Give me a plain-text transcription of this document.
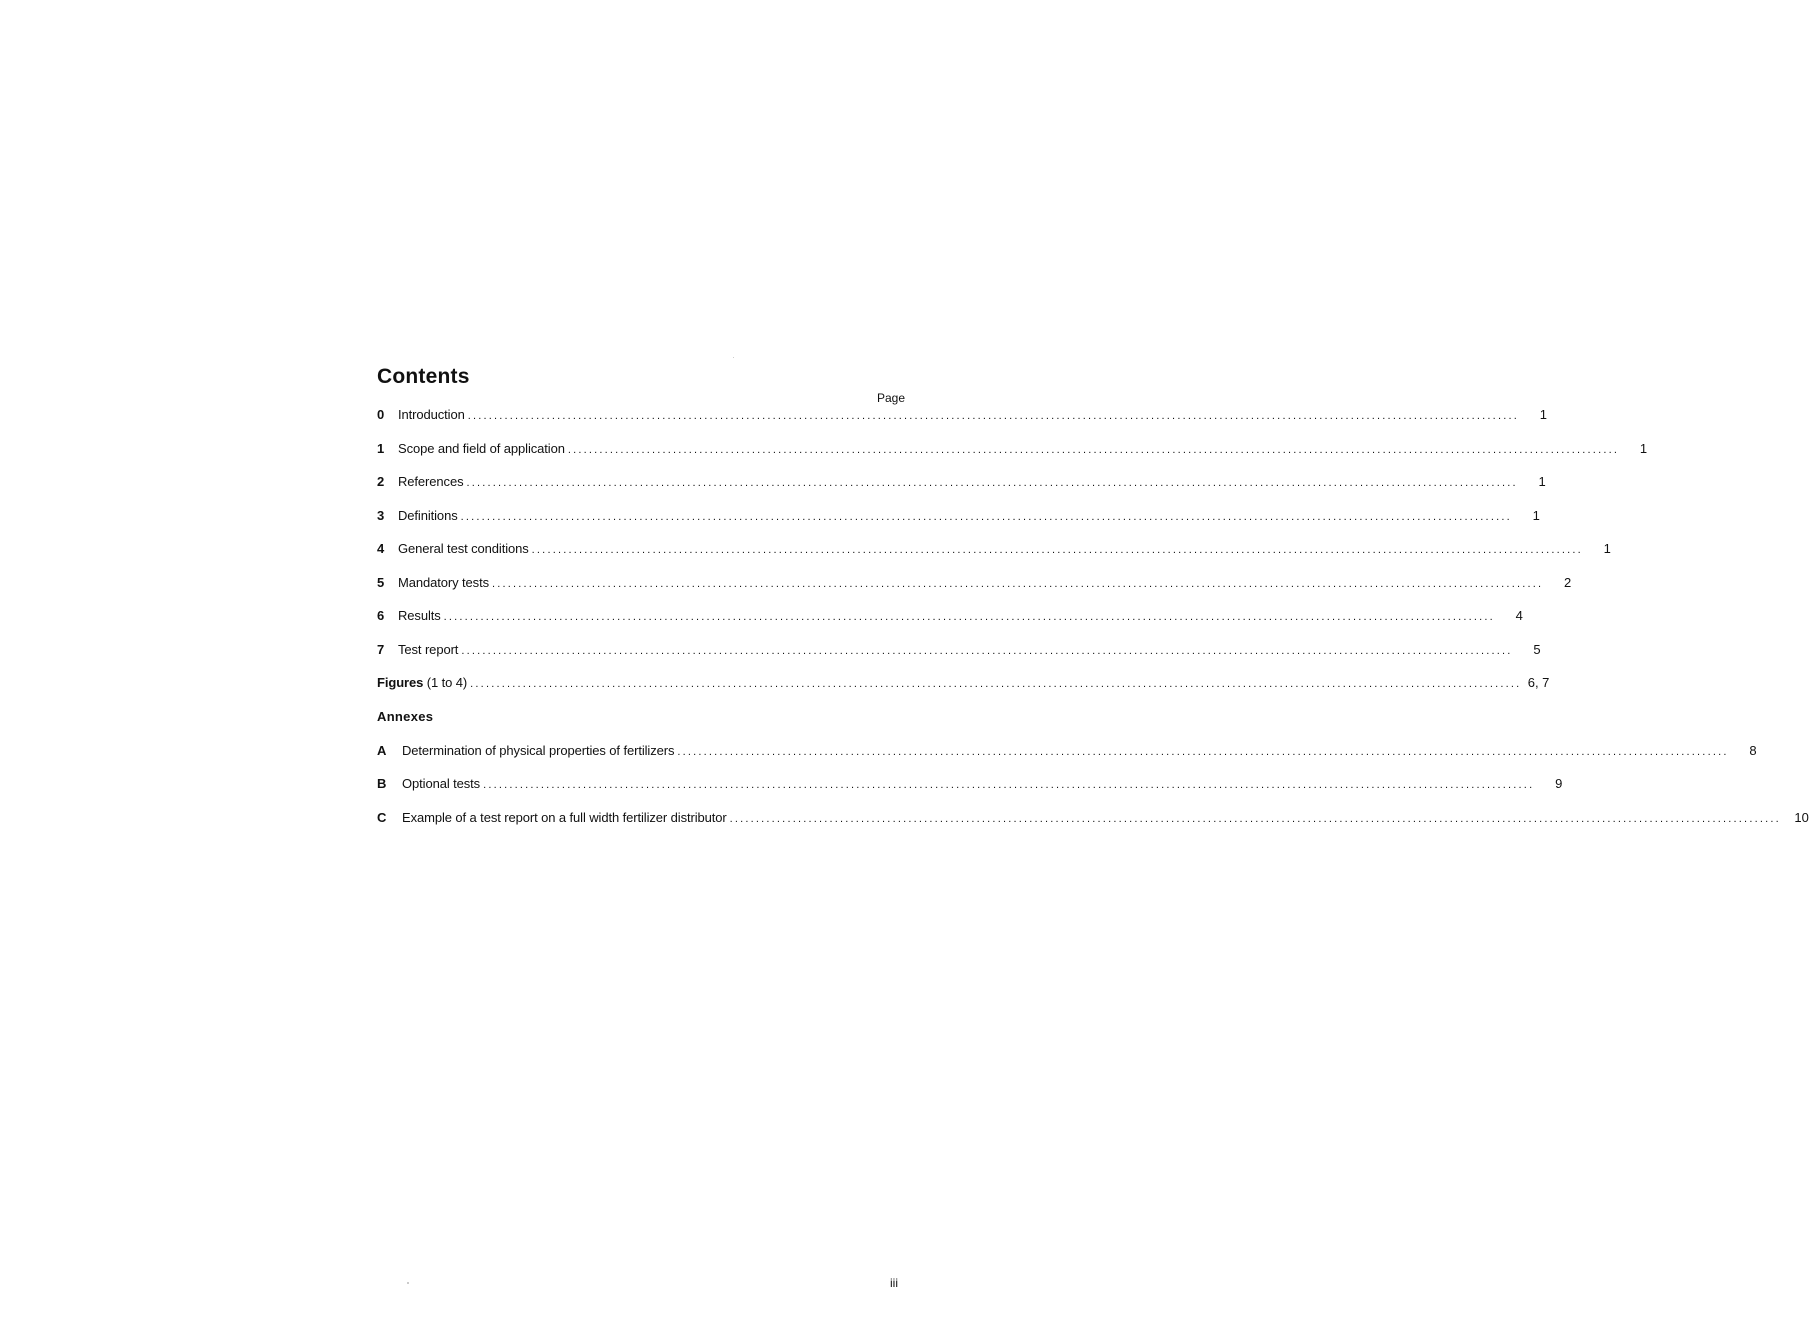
Contents
Page
0	Introduction ........................................................................................................................................................................................................	1
1	Scope and field of application ........................................................................................................................................................................................................	1
2	References ........................................................................................................................................................................................................	1
3	Definitions ........................................................................................................................................................................................................	1
4	General test conditions ........................................................................................................................................................................................................	1
5	Mandatory tests ........................................................................................................................................................................................................	2
6	Results ........................................................................................................................................................................................................	4
7	Test report ........................................................................................................................................................................................................	5
Figures (1 to 4) ........................................................................................................................................................................................................ 6, 7
Annexes
A	Determination of physical properties of fertilizers ........................................................................................................................................................................................................	8
B	Optional tests ........................................................................................................................................................................................................	9
C	Example of a test report on a full width fertilizer distributor ........................................................................................................................................................................................................	10
iii
